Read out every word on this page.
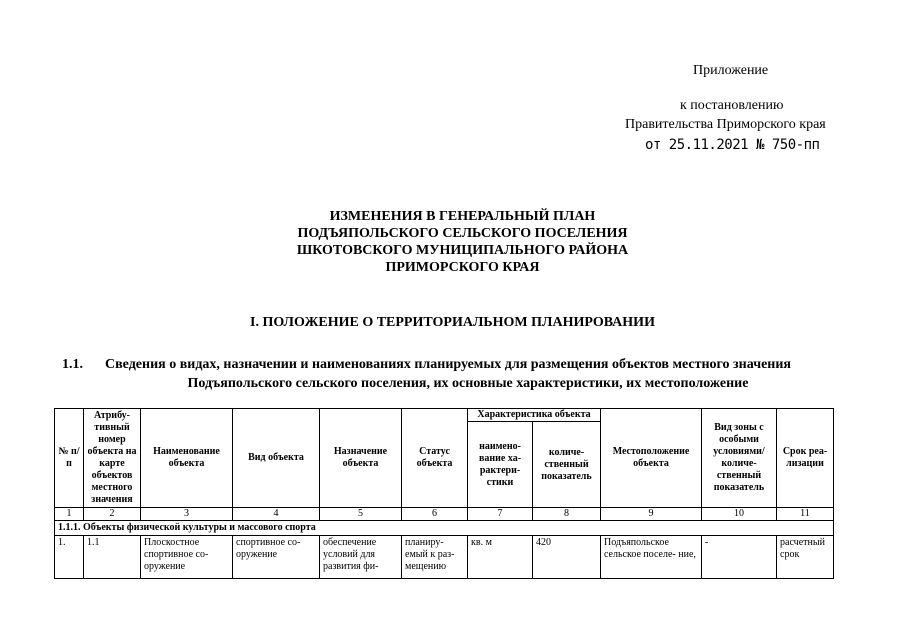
Приложение
к постановлению
Правительства Приморского края
от 25.11.2021 № 750-пп
ИЗМЕНЕНИЯ В ГЕНЕРАЛЬНЫЙ ПЛАН
ПОДЪЯПОЛЬСКОГО СЕЛЬСКОГО ПОСЕЛЕНИЯ
ШКОТОВСКОГО МУНИЦИПАЛЬНОГО РАЙОНА
ПРИМОРСКОГО КРАЯ
I. ПОЛОЖЕНИЕ О ТЕРРИТОРИАЛЬНОМ ПЛАНИРОВАНИИ
1.1. Сведения о видах, назначении и наименованиях планируемых для размещения объектов местного значения
Подъяпольского сельского поселения, их основные характеристики, их местоположение
№ п/п	Атрибу- тивный номер объекта на карте объектов местного значения	Наименование объекта	Вид объекта	Назначение объекта	Статус объекта	Характеристика объекта		Местоположение объекта	Вид зоны с особыми условиями/ количе- ственный показатель	Срок реа- лизации
						наимено- вание ха- рактери- стики	количе- ственный показатель			
1	2	3	4	5	6	7	8	9	10	11
1.1.1. Объекты физической культуры и массового спорта										
1.	1.1	Плоскостное спортивное со- оружение	спортивное со- оружение	обеспечение условий для развития фи-	планиру- емый к раз- мещению	кв. м	420	Подъяпольское сельское поселе- ние,	-	расчетный срок
